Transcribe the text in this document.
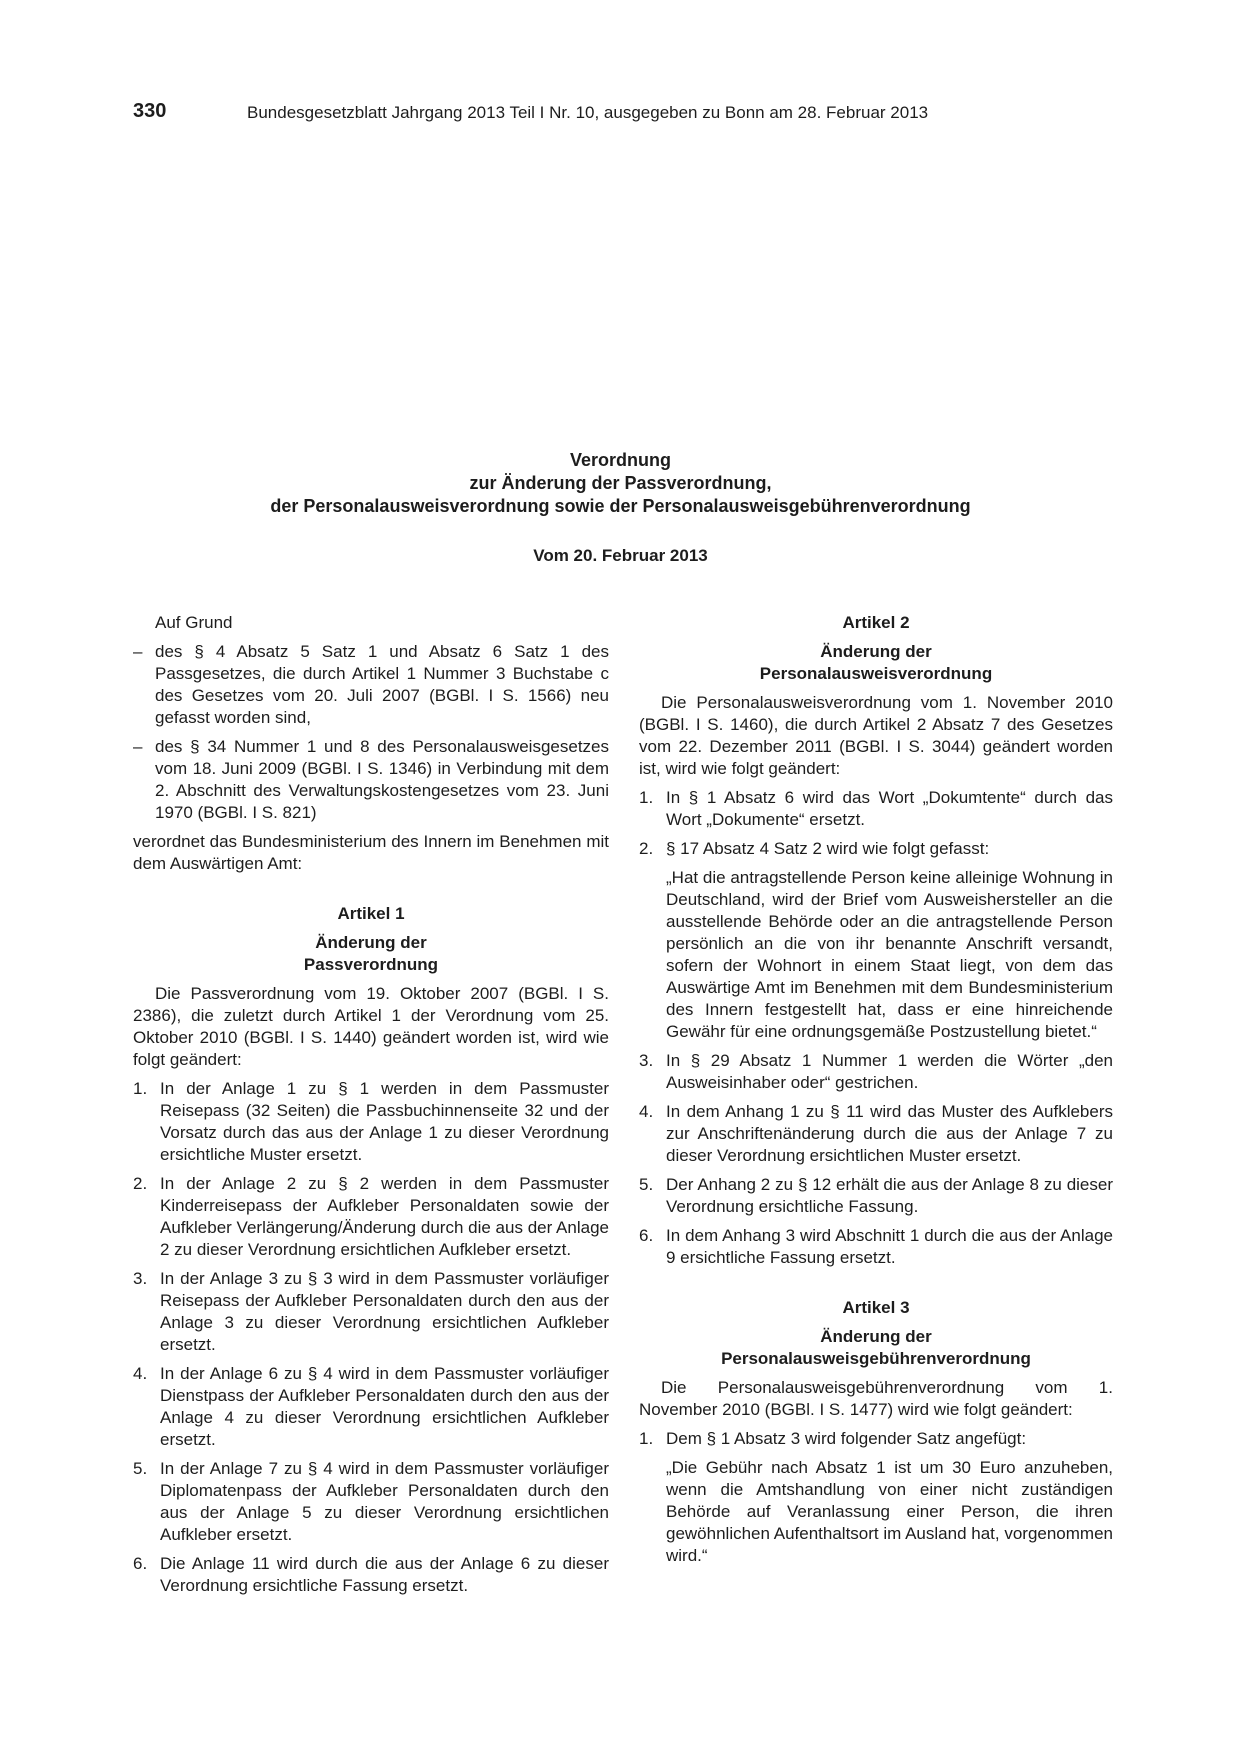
330	Bundesgesetzblatt Jahrgang 2013 Teil I Nr. 10, ausgegeben zu Bonn am 28. Februar 2013
Verordnung
zur Änderung der Passverordnung,
der Personalausweisverordnung sowie der Personalausweisgebührenverordnung
Vom 20. Februar 2013

Auf Grund

– des § 4 Absatz 5 Satz 1 und Absatz 6 Satz 1 des Passgesetzes, die durch Artikel 1 Nummer 3 Buchstabe c des Gesetzes vom 20. Juli 2007 (BGBl. I S. 1566) neu gefasst worden sind,
– des § 34 Nummer 1 und 8 des Personalausweisgesetzes vom 18. Juni 2009 (BGBl. I S. 1346) in Verbindung mit dem 2. Abschnitt des Verwaltungskostengesetzes vom 23. Juni 1970 (BGBl. I S. 821)

verordnet das Bundesministerium des Innern im Benehmen mit dem Auswärtigen Amt:

Artikel 1
Änderung der
Passverordnung

Die Passverordnung vom 19. Oktober 2007 (BGBl. I S. 2386), die zuletzt durch Artikel 1 der Verordnung vom 25. Oktober 2010 (BGBl. I S. 1440) geändert worden ist, wird wie folgt geändert:

1. In der Anlage 1 zu § 1 werden in dem Passmuster Reisepass (32 Seiten) die Passbuchinnenseite 32 und der Vorsatz durch das aus der Anlage 1 zu dieser Verordnung ersichtliche Muster ersetzt.
2. In der Anlage 2 zu § 2 werden in dem Passmuster Kinderreisepass der Aufkleber Personaldaten sowie der Aufkleber Verlängerung/Änderung durch die aus der Anlage 2 zu dieser Verordnung ersichtlichen Aufkleber ersetzt.
3. In der Anlage 3 zu § 3 wird in dem Passmuster vorläufiger Reisepass der Aufkleber Personaldaten durch den aus der Anlage 3 zu dieser Verordnung ersichtlichen Aufkleber ersetzt.
4. In der Anlage 6 zu § 4 wird in dem Passmuster vorläufiger Dienstpass der Aufkleber Personaldaten durch den aus der Anlage 4 zu dieser Verordnung ersichtlichen Aufkleber ersetzt.
5. In der Anlage 7 zu § 4 wird in dem Passmuster vorläufiger Diplomatenpass der Aufkleber Personaldaten durch den aus der Anlage 5 zu dieser Verordnung ersichtlichen Aufkleber ersetzt.
6. Die Anlage 11 wird durch die aus der Anlage 6 zu dieser Verordnung ersichtliche Fassung ersetzt.
Artikel 2
Änderung der
Personalausweisverordnung

Die Personalausweisverordnung vom 1. November 2010 (BGBl. I S. 1460), die durch Artikel 2 Absatz 7 des Gesetzes vom 22. Dezember 2011 (BGBl. I S. 3044) geändert worden ist, wird wie folgt geändert:

1. In § 1 Absatz 6 wird das Wort „Dokumtente“ durch das Wort „Dokumente“ ersetzt.
2. § 17 Absatz 4 Satz 2 wird wie folgt gefasst:

„Hat die antragstellende Person keine alleinige Wohnung in Deutschland, wird der Brief vom Ausweishersteller an die ausstellende Behörde oder an die antragstellende Person persönlich an die von ihr benannte Anschrift versandt, sofern der Wohnort in einem Staat liegt, von dem das Auswärtige Amt im Benehmen mit dem Bundesministerium des Innern festgestellt hat, dass er eine hinreichende Gewähr für eine ordnungsgemäße Postzustellung bietet.“

3. In § 29 Absatz 1 Nummer 1 werden die Wörter „den Ausweisinhaber oder“ gestrichen.
4. In dem Anhang 1 zu § 11 wird das Muster des Aufklebers zur Anschriftenänderung durch die aus der Anlage 7 zu dieser Verordnung ersichtlichen Muster ersetzt.
5. Der Anhang 2 zu § 12 erhält die aus der Anlage 8 zu dieser Verordnung ersichtliche Fassung.
6. In dem Anhang 3 wird Abschnitt 1 durch die aus der Anlage 9 ersichtliche Fassung ersetzt.
Artikel 3
Änderung der
Personalausweisgebührenverordnung

Die Personalausweisgebührenverordnung vom 1. November 2010 (BGBl. I S. 1477) wird wie folgt geändert:

1. Dem § 1 Absatz 3 wird folgender Satz angefügt:

„Die Gebühr nach Absatz 1 ist um 30 Euro anzuheben, wenn die Amtshandlung von einer nicht zuständigen Behörde auf Veranlassung einer Person, die ihren gewöhnlichen Aufenthaltsort im Ausland hat, vorgenommen wird.“
